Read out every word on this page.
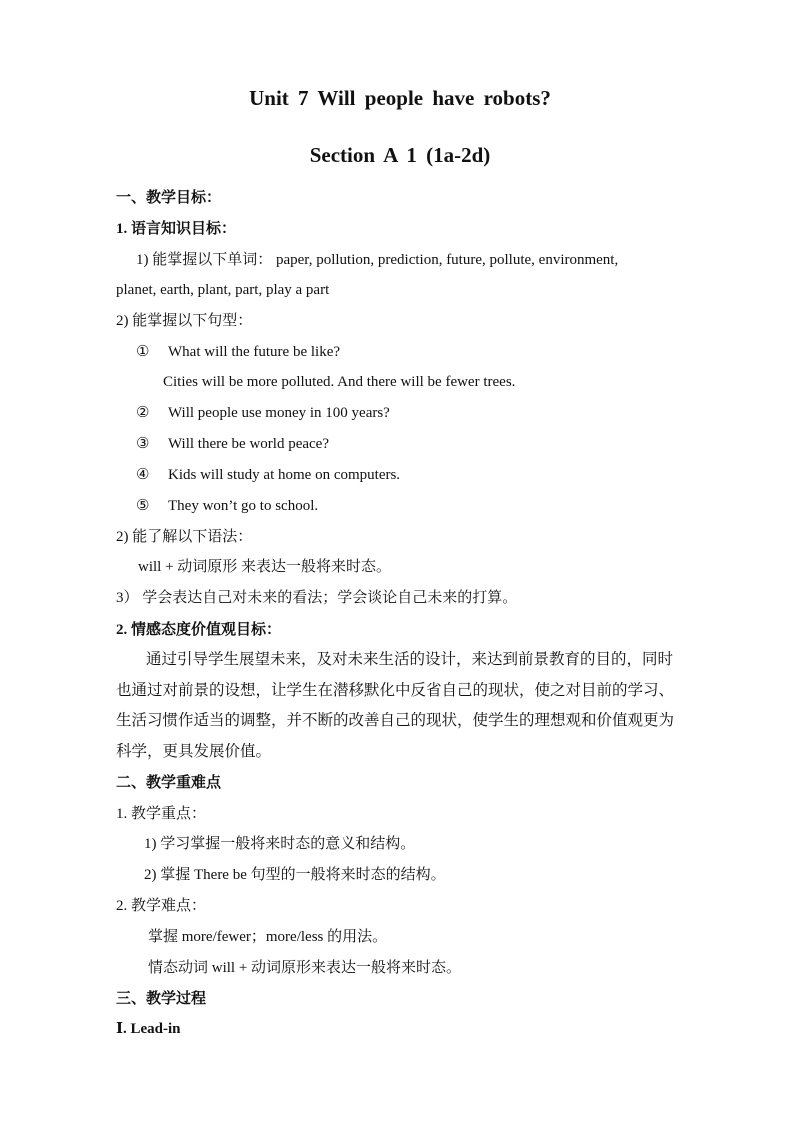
Unit 7 Will people have robots?
Section A 1 (1a-2d)
一、教学目标：
1. 语言知识目标：
1) 能掌握以下单词： paper, pollution, prediction, future, pollute, environment,
planet, earth, plant, part, play a part
2) 能掌握以下句型：
① What will the future be like?
Cities will be more polluted. And there will be fewer trees.
② Will people use money in 100 years?
③ Will there be world peace?
④ Kids will study at home on computers.
⑤ They won’t go to school.
2) 能了解以下语法：
will + 动词原形 来表达一般将来时态。
3） 学会表达自己对未来的看法；学会谈论自己未来的打算。
2. 情感态度价值观目标：
通过引导学生展望未来，及对未来生活的设计，来达到前景教育的目的，同时
也通过对前景的设想，让学生在潜移默化中反省自己的现状，使之对目前的学习、
生活习惯作适当的调整，并不断的改善自己的现状，使学生的理想观和价值观更为
科学，更具发展价值。
二、教学重难点
1. 教学重点：
1) 学习掌握一般将来时态的意义和结构。
2) 掌握 There be 句型的一般将来时态的结构。
2. 教学难点：
掌握 more/fewer；more/less 的用法。
情态动词 will + 动词原形来表达一般将来时态。
三、教学过程
Ⅰ. Lead-in
